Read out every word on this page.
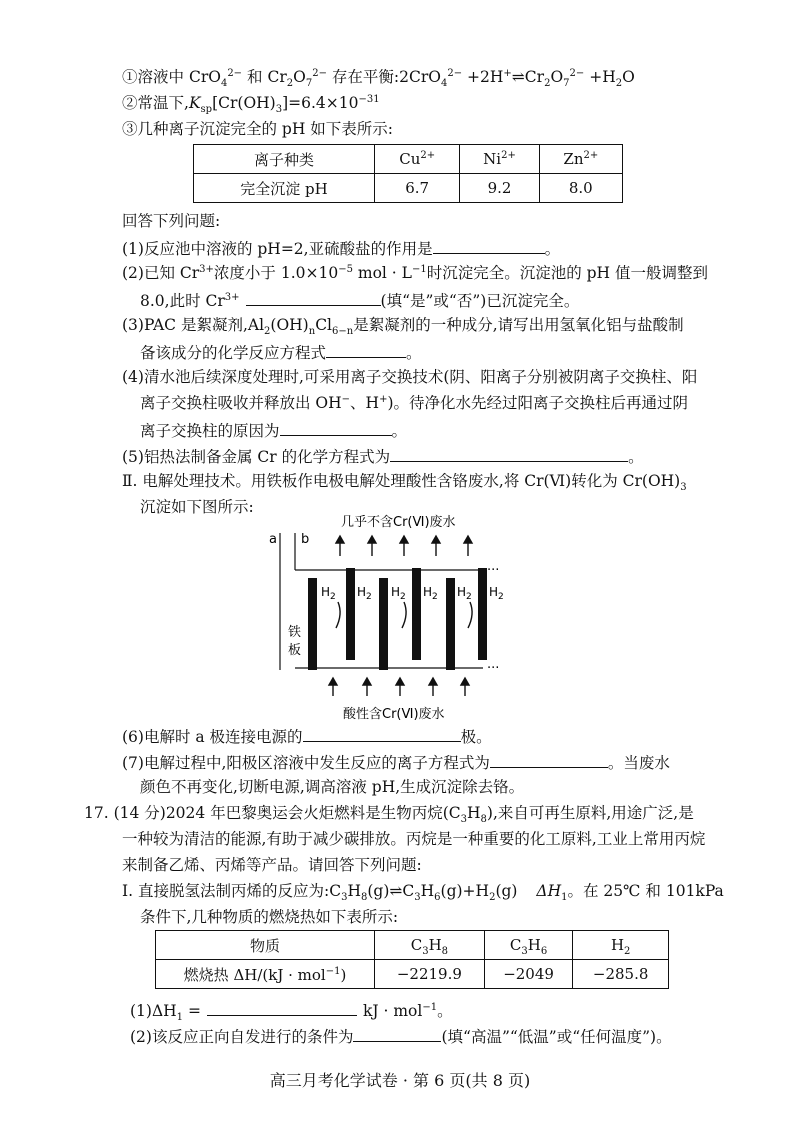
①溶液中 CrO$_4^{2-}$ 和 $Cr_2O_7^{2-}$ 存在平衡:2CrO$_4^{2-}$ $+2H^+\rightleftharpoons Cr_2O_7^{2-} +H_2O$
②常温下$,K_{sp}[Cr(OH)_3]=6.4\times 10^{-31}$
③几种离子沉淀完全的 pH 如下表所示:
离子种类	$Cu^{2+}$	$Ni^{2+}$	$Zn^{2+}$
完全沉淀 pH	6.7	9.2	8.0
回答下列问题:
(1)反应池中溶液的 pH=2,亚硫酸盐的作用是	。
(2)已知 $Cr^{3+}$浓度小于 $1.0\times 10^{-5}$ mol · $L^{-1}$时沉淀完全。沉淀池的 pH 值一般调整到
8.0,此时 $Cr^{3+}$	(填“是”或“否”)已沉淀完全。
(3)PAC 是絮凝剂$,Al_2(OH)_nCl_{6-n}$是絮凝剂的一种成分,请写出用氢氧化铝与盐酸制
备该成分的化学反应方程式	。
(4)清水池后续深度处理时,可采用离子交换技术(阴、阳离子分别被阴离子交换柱、阳
离子交换柱吸收并释放出 OH−、H+)。待净化水先经过阳离子交换柱后再通过阴
离子交换柱的原因为	。
(5)铝热法制备金属 Cr 的化学方程式为	。
Ⅱ. 电解处理技术。用铁板作电极电解处理酸性含铬废水,将 Cr(Ⅵ)转化为 $Cr(OH)_3$
沉淀如下图所示:
几乎不含Cr(Ⅵ)废水
a b
···
···
铁
板
$H_2$ $H_2$ $H_2$ $H_2$ $H_2$ $H_2$
酸性含Cr(Ⅵ)废水
(6)电解时 a 极连接电源的	极。
(7)电解过程中,阳极区溶液中发生反应的离子方程式为	。当废水
颜色不再变化,切断电源,调高溶液 pH,生成沉淀除去铬。
17. (14 分)2024 年巴黎奥运会火炬燃料是生物丙烷$(C_3H_8)$,来自可再生原料,用途广泛,是
一种较为清洁的能源,有助于减少碳排放。丙烷是一种重要的化工原料,工业上常用丙烷
来制备乙烯、丙烯等产品。请回答下列问题:
I. 直接脱氢法制丙烯的反应为$:C_3H_8(g)\rightleftharpoons C_3H_6(g)+H_2(g)$ $\Delta H_1$。在 25℃ 和 101kPa
条件下,几种物质的燃烧热如下表所示:
物质	$C_3H_8$	$C_3H_6$	$H_2$
燃烧热 ΔH/(kJ · mol$^{-1}$)	−2219.9	−2049	−285.8
$(1)\Delta H_1$ =	kJ · mol$^{-1}$。
(2)该反应正向自发进行的条件为	(填“高温”“低温”或“任何温度”)。
高三月考化学试卷 · 第 6 页(共 8 页)
